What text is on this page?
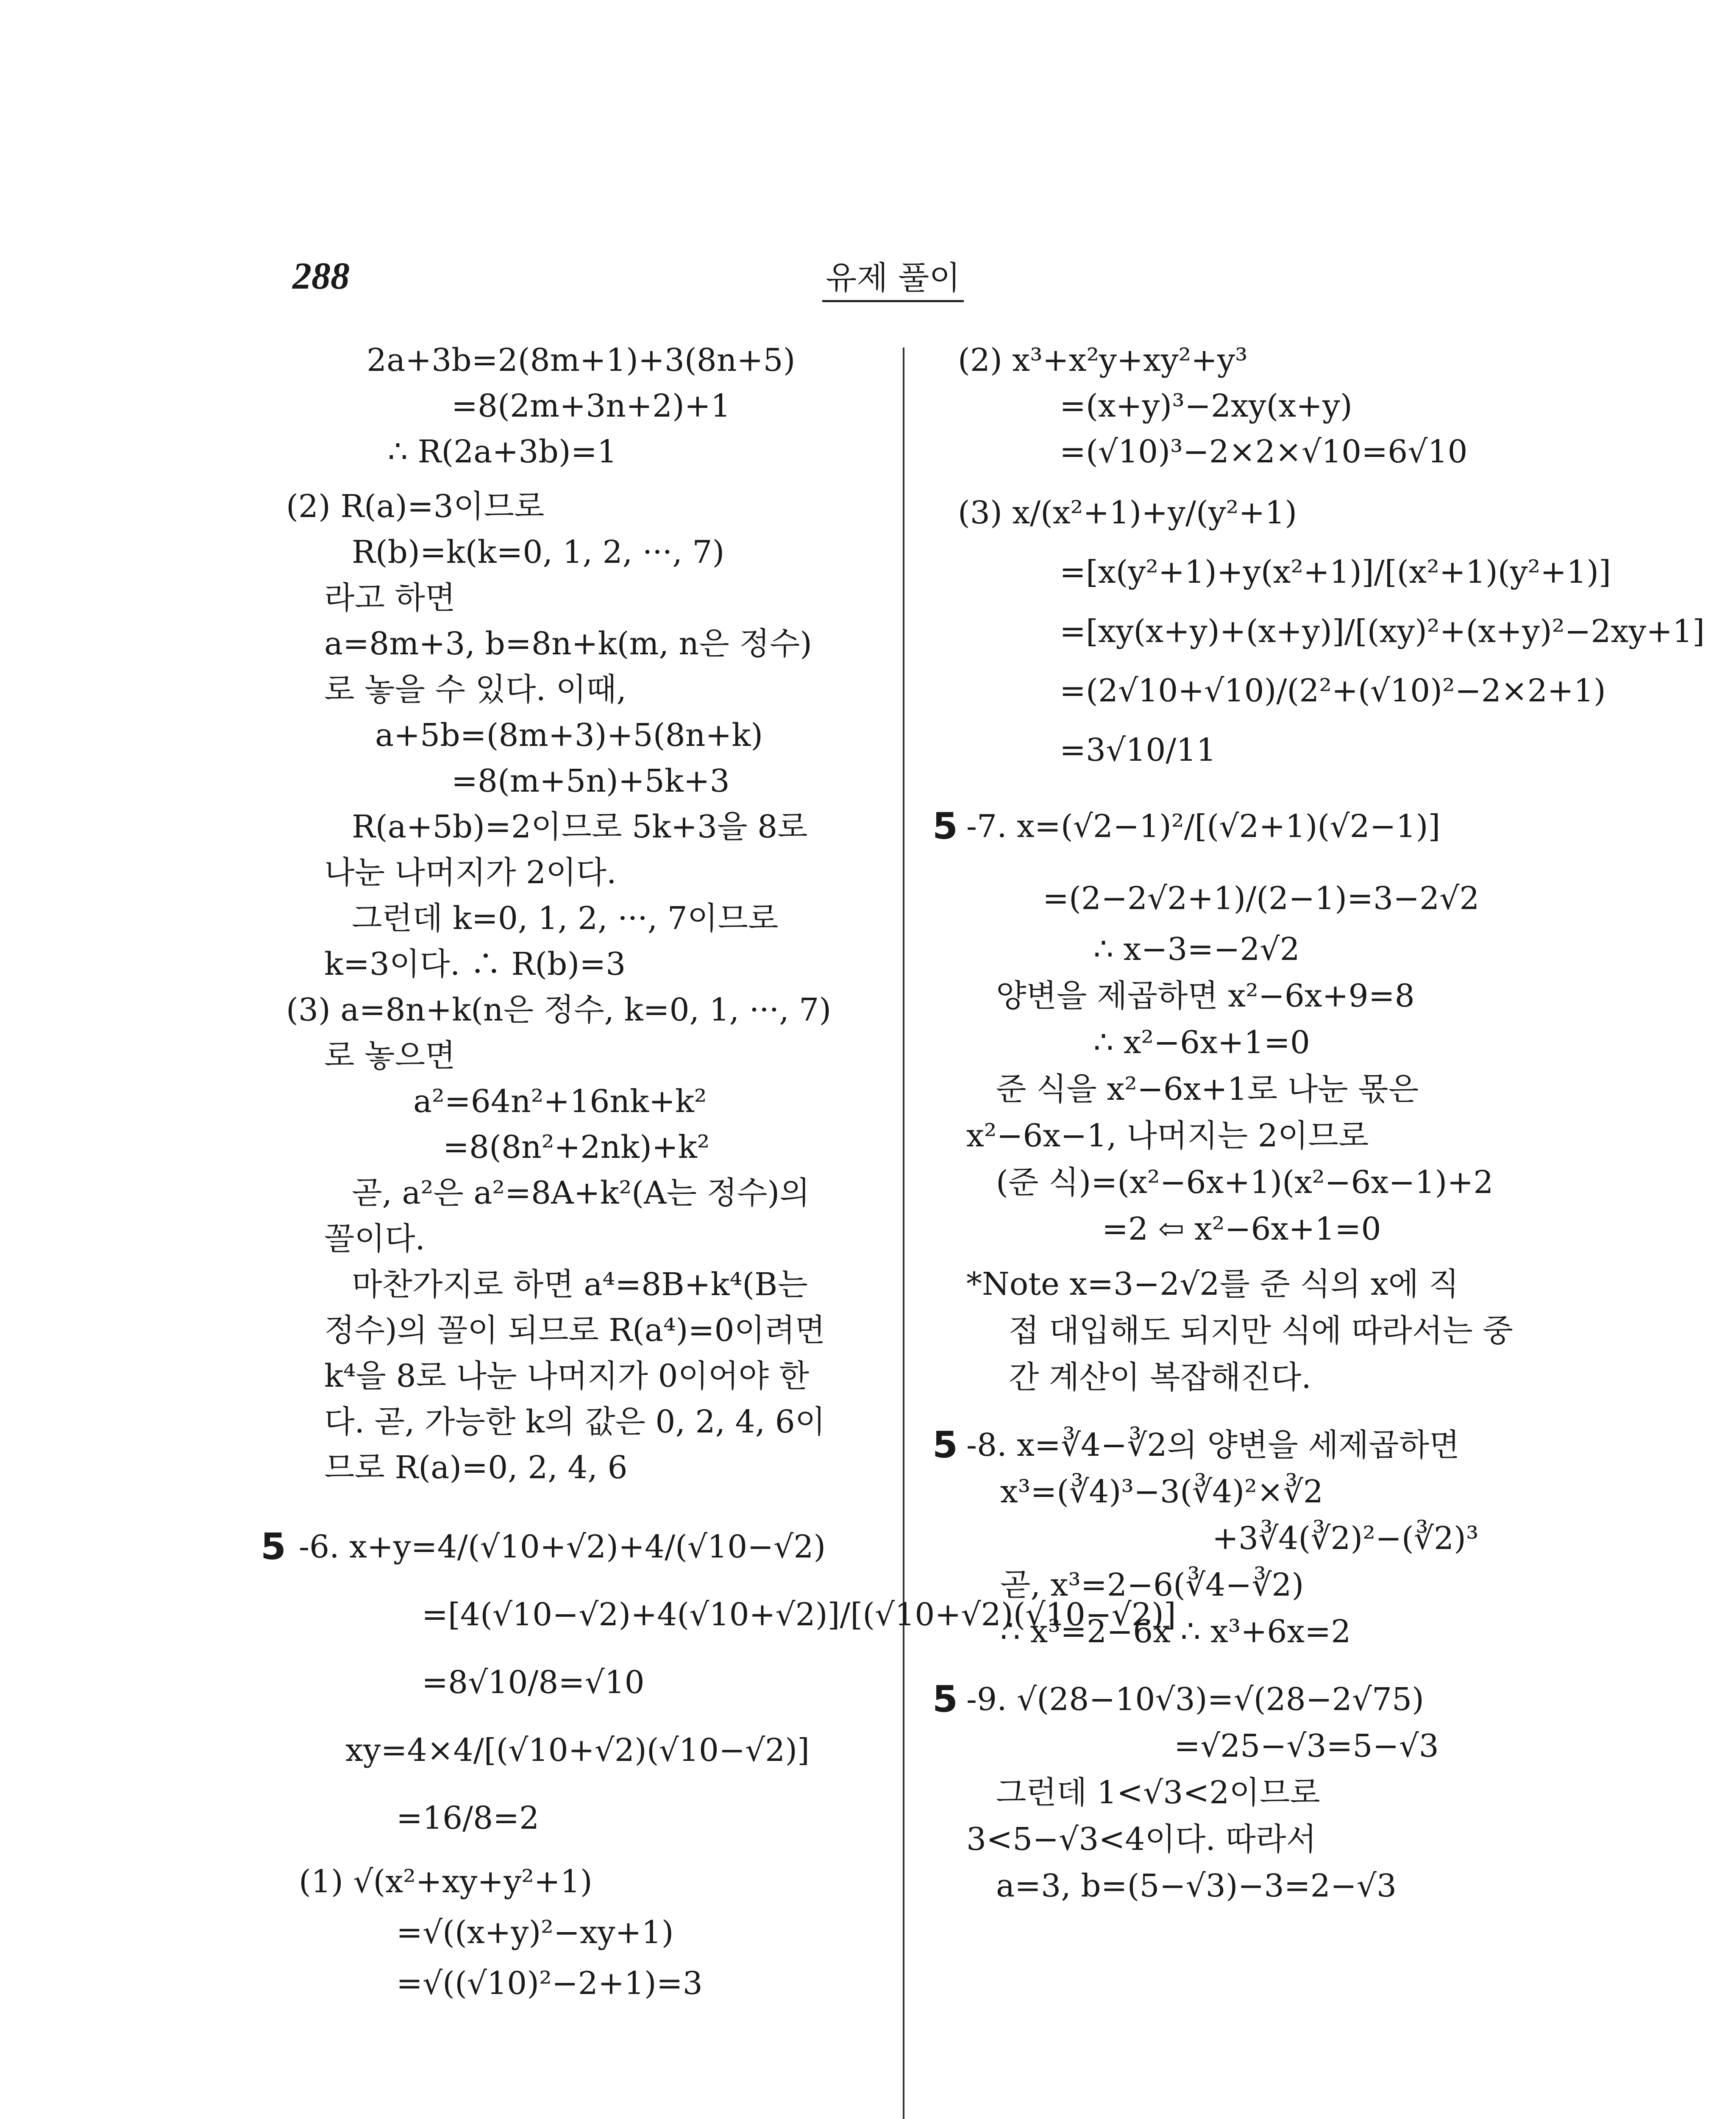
288	유제 풀이
5
2a+3b=2(8m+1)+3(8n+5)
=8(2m+3n+2)+1
∴ R(2a+3b)=1
(2) R(a)=3이므로
R(b)=k(k=0, 1, 2, ···, 7)
라고 하면
a=8m+3, b=8n+k(m, n은 정수)
로 놓을 수 있다. 이때,
a+5b=(8m+3)+5(8n+k)
=8(m+5n)+5k+3
R(a+5b)=2이므로 5k+3을 8로
나눈 나머지가 2이다.
그런데 k=0, 1, 2, ···, 7이므로
k=3이다. ∴ R(b)=3
(3) a=8n+k(n은 정수, k=0, 1, ···, 7)
로 놓으면
a²=64n²+16nk+k²
=8(8n²+2nk)+k²
곧, a²은 a²=8A+k²(A는 정수)의
꼴이다.
마찬가지로 하면 a⁴=8B+k⁴(B는
정수)의 꼴이 되므로 R(a⁴)=0이려면
k⁴을 8로 나눈 나머지가 0이어야 한
다. 곧, 가능한 k의 값은 0, 2, 4, 6이
므로 R(a)=0, 2, 4, 6
-6. x+y=4/(√10+√2)+4/(√10−√2)
=[4(√10−√2)+4(√10+√2)]/[(√10+√2)(√10−√2)]
=8√10/8=√10
xy=4×4/[(√10+√2)(√10−√2)]
=16/8=2
(1) √(x²+xy+y²+1)
=√((x+y)²−xy+1)
=√((√10)²−2+1)=3
5
5
5
(2) x³+x²y+xy²+y³
=(x+y)³−2xy(x+y)
=(√10)³−2×2×√10=6√10
(3) x/(x²+1)+y/(y²+1)
=[x(y²+1)+y(x²+1)]/[(x²+1)(y²+1)]
=[xy(x+y)+(x+y)]/[(xy)²+(x+y)²−2xy+1]
=(2√10+√10)/(2²+(√10)²−2×2+1)
=3√10/11
-7. x=(√2−1)²/[(√2+1)(√2−1)]
=(2−2√2+1)/(2−1)=3−2√2
∴ x−3=−2√2
양변을 제곱하면 x²−6x+9=8
∴ x²−6x+1=0
준 식을 x²−6x+1로 나눈 몫은
x²−6x−1, 나머지는 2이므로
(준 식)=(x²−6x+1)(x²−6x−1)+2
=2 ⇦ x²−6x+1=0
*Note x=3−2√2를 준 식의 x에 직
접 대입해도 되지만 식에 따라서는 중
간 계산이 복잡해진다.
-8. x=∛4−∛2의 양변을 세제곱하면
x³=(∛4)³−3(∛4)²×∛2
+3∛4(∛2)²−(∛2)³
곧, x³=2−6(∛4−∛2)
∴ x³=2−6x ∴ x³+6x=2
-9. √(28−10√3)=√(28−2√75)
=√25−√3=5−√3
그런데 1<√3<2이므로
3<5−√3<4이다. 따라서
a=3, b=(5−√3)−3=2−√3
